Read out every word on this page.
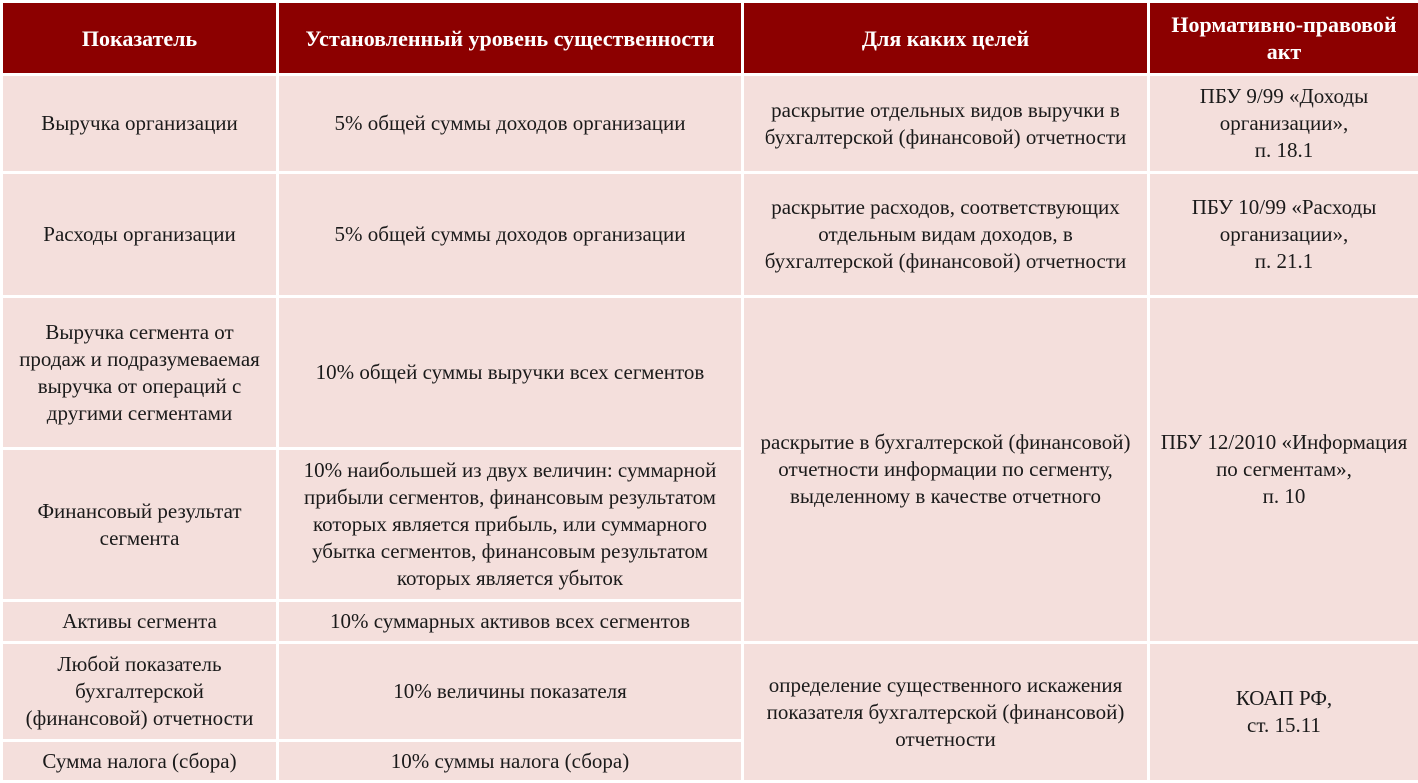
Показатель	Установленный уровень существенности	Для каких целей	Нормативно-правовой акт
Выручка организации	5% общей суммы доходов организации	раскрытие отдельных видов выручки в бухгалтерской (финансовой) отчетности	ПБУ 9/99 «Доходы организации»,
п. 18.1

Расходы организации	5% общей суммы доходов организации	раскрытие расходов, соответствующих отдельным видам доходов, в бухгалтерской (финансовой) отчетности	ПБУ 10/99 «Расходы организации»,
п. 21.1

Выручка сегмента от продаж и подразумеваемая выручка от операций с другими сегментами	10% общей суммы выручки всех сегментов	раскрытие в бухгалтерской (финансовой) отчетности информации по сегменту, выделенному в качестве отчетного	ПБУ 12/2010 «Информация по сегментам»,
п. 10

Финансовый результат сегмента	10% наибольшей из двух величин: суммарной прибыли сегментов, финансовым результатом которых является прибыль, или суммарного убытка сегментов, финансовым результатом которых является убыток		
Активы сегмента	10% суммарных активов всех сегментов		
Любой показатель бухгалтерской (финансовой) отчетности	10% величины показателя	определение существенного искажения показателя бухгалтерской (финансовой) отчетности	КОАП РФ,
ст. 15.11

Сумма налога (сбора)	10% суммы налога (сбора)		
